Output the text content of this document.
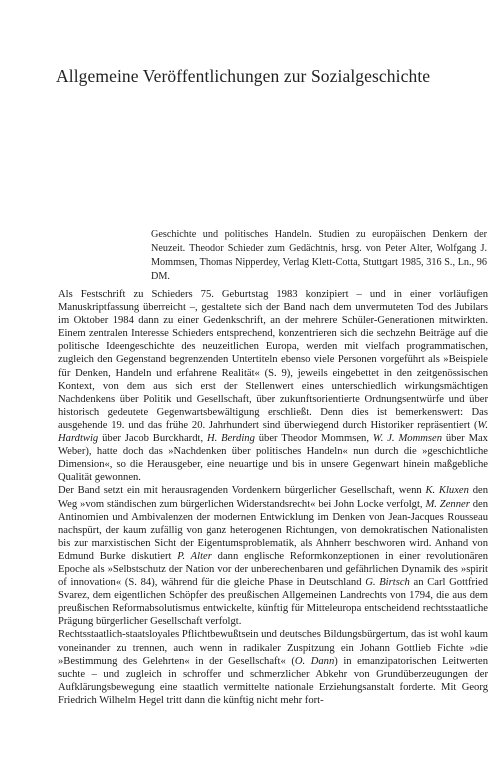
Allgemeine Veröffentlichungen zur Sozialgeschichte
Geschichte und politisches Handeln. Studien zu europäischen Denkern der Neuzeit. Theodor Schieder zum Gedächtnis, hrsg. von Peter Alter, Wolfgang J. Mommsen, Thomas Nipperdey, Verlag Klett-Cotta, Stuttgart 1985, 316 S., Ln., 96 DM.

Als Festschrift zu Schieders 75. Geburtstag 1983 konzipiert – und in einer vorläufigen Manuskriptfassung überreicht –, gestaltete sich der Band nach dem unvermuteten Tod des Jubilars im Oktober 1984 dann zu einer Gedenkschrift, an der mehrere Schüler-Generationen mitwirkten. Einem zentralen Interesse Schieders entsprechend, konzentrieren sich die sechzehn Beiträge auf die politische Ideengeschichte des neuzeitlichen Europa, werden mit vielfach programmatischen, zugleich den Gegenstand begrenzenden Untertiteln ebenso viele Personen vorgeführt als »Beispiele für Denken, Handeln und erfahrene Realität« (S. 9), jeweils eingebettet in den zeitgenössischen Kontext, von dem aus sich erst der Stellenwert eines unterschiedlich wirkungsmächtigen Nachdenkens über Politik und Gesellschaft, über zukunftsorientierte Ordnungsentwürfe und über historisch gedeutete Gegenwartsbewältigung erschließt. Denn dies ist bemerkenswert: Das ausgehende 19. und das frühe 20. Jahrhundert sind überwiegend durch Historiker repräsentiert (W. Hardtwig über Jacob Burckhardt, H. Berding über Theodor Mommsen, W. J. Mommsen über Max Weber), hatte doch das »Nachdenken über politisches Handeln« nun durch die »geschichtliche Dimension«, so die Herausgeber, eine neuartige und bis in unsere Gegenwart hinein maßgebliche Qualität gewonnen.

Der Band setzt ein mit herausragenden Vordenkern bürgerlicher Gesellschaft, wenn K. Kluxen den Weg »vom ständischen zum bürgerlichen Widerstandsrecht« bei John Locke verfolgt, M. Zenner den Antinomien und Ambivalenzen der modernen Entwicklung im Denken von Jean-Jacques Rousseau nachspürt, der kaum zufällig von ganz heterogenen Richtungen, von demokratischen Nationalisten bis zur marxistischen Sicht der Eigentumsproblematik, als Ahnherr beschworen wird. Anhand von Edmund Burke diskutiert P. Alter dann englische Reformkonzeptionen in einer revolutionären Epoche als »Selbstschutz der Nation vor der unberechenbaren und gefährlichen Dynamik des »spirit of innovation« (S. 84), während für die gleiche Phase in Deutschland G. Birtsch an Carl Gottfried Svarez, dem eigentlichen Schöpfer des preußischen Allgemeinen Landrechts von 1794, die aus dem preußischen Reformabsolutismus entwickelte, künftig für Mitteleuropa entscheidend rechtsstaatliche Prägung bürgerlicher Gesellschaft verfolgt.

Rechtsstaatlich-staatsloyales Pflichtbewußtsein und deutsches Bildungsbürgertum, das ist wohl kaum voneinander zu trennen, auch wenn in radikaler Zuspitzung ein Johann Gottlieb Fichte »die »Bestimmung des Gelehrten« in der Gesellschaft« (O. Dann) in emanzipatorischen Leitwerten suchte – und zugleich in schroffer und schmerzlicher Abkehr von Grundüberzeugungen der Aufklärungsbewegung eine staatlich vermittelte nationale Erziehungsanstalt forderte. Mit Georg Friedrich Wilhelm Hegel tritt dann die künftig nicht mehr fort-
